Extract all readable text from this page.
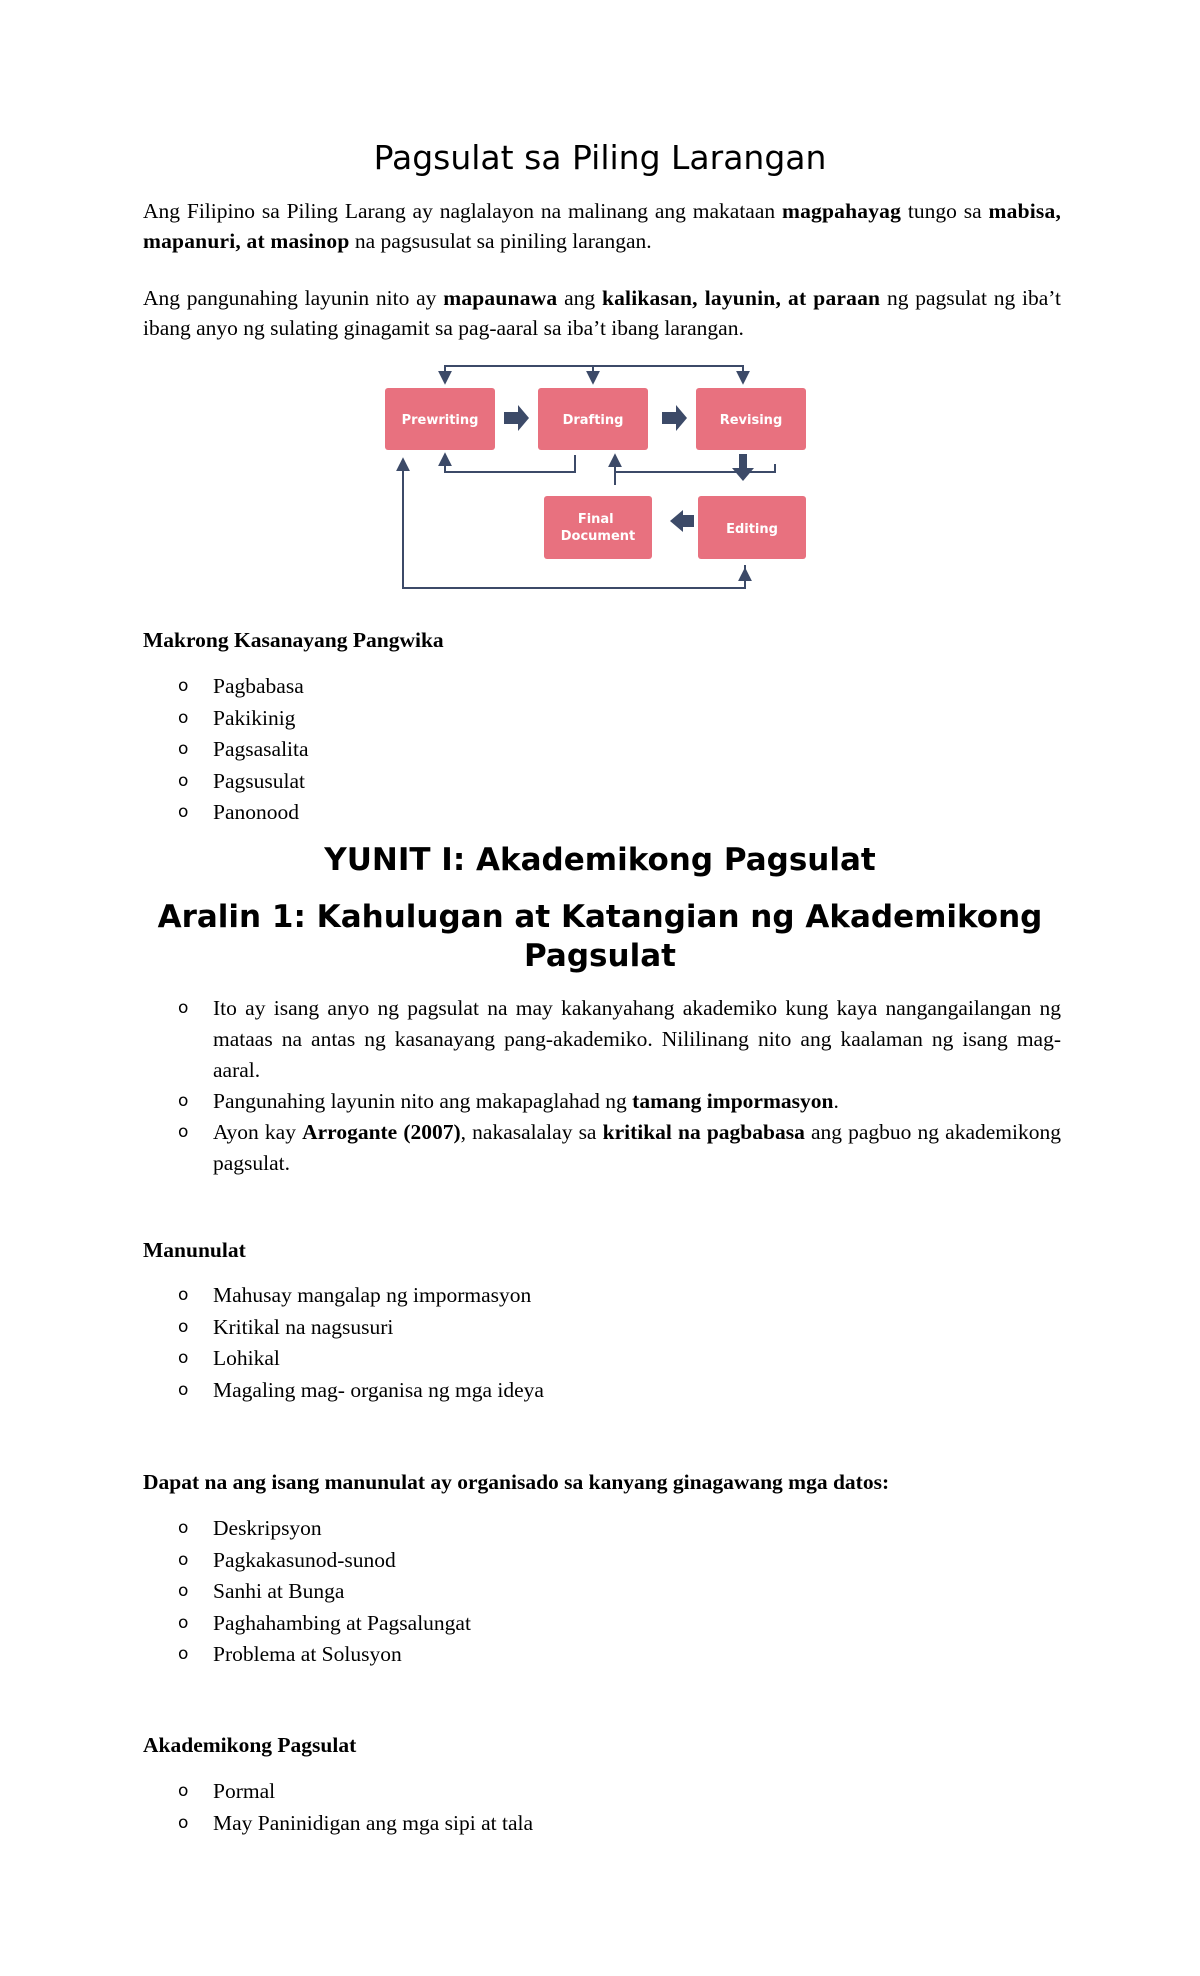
Pagsulat sa Piling Larangan

Ang Filipino sa Piling Larang ay naglalayon na malinang ang makataan magpahayag tungo sa mabisa, mapanuri, at masinop na pagsusulat sa piniling larangan.

Ang pangunahing layunin nito ay mapaunawa ang kalikasan, layunin, at paraan ng pagsulat ng iba’t ibang anyo ng sulating ginagamit sa pag-aaral sa iba’t ibang larangan.

Prewriting	Drafting	Revising
Editing
Final Document
Makrong Kasanayang Pangwika
o Pagbabasa
o Pakikinig
o Pagsasalita
o Pagsusulat
o Panonood
YUNIT I: Akademikong Pagsulat
Aralin 1: Kahulugan at Katangian ng Akademikong Pagsulat
o Ito ay isang anyo ng pagsulat na may kakanyahang akademiko kung kaya nangangailangan ng mataas na antas ng kasanayang pang-akademiko. Nililinang nito ang kaalaman ng isang mag-aaral.
o Pangunahing layunin nito ang makapaglahad ng tamang impormasyon.
o Ayon kay Arrogante (2007), nakasalalay sa kritikal na pagbabasa ang pagbuo ng akademikong pagsulat.
Manunulat
o Mahusay mangalap ng impormasyon
o Kritikal na nagsusuri
o Lohikal
o Magaling mag- organisa ng mga ideya
Dapat na ang isang manunulat ay organisado sa kanyang ginagawang mga datos:
o Deskripsyon
o Pagkakasunod-sunod
o Sanhi at Bunga
o Paghahambing at Pagsalungat
o Problema at Solusyon
Akademikong Pagsulat
o Pormal
o May Paninidigan ang mga sipi at tala
